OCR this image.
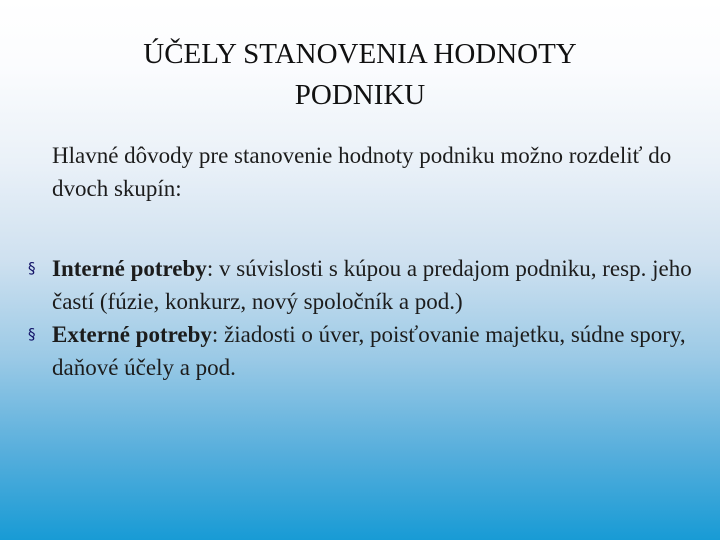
ÚČELY STANOVENIA HODNOTY
PODNIKU

Hlavné dôvody pre stanovenie hodnoty podniku možno rozdeliť do dvoch skupín:

§ Interné potreby: v súvislosti s kúpou a predajom podniku, resp. jeho častí (fúzie, konkurz, nový spoločník a pod.)
§ Externé potreby: žiadosti o úver, poisťovanie majetku, súdne spory, daňové účely a pod.
